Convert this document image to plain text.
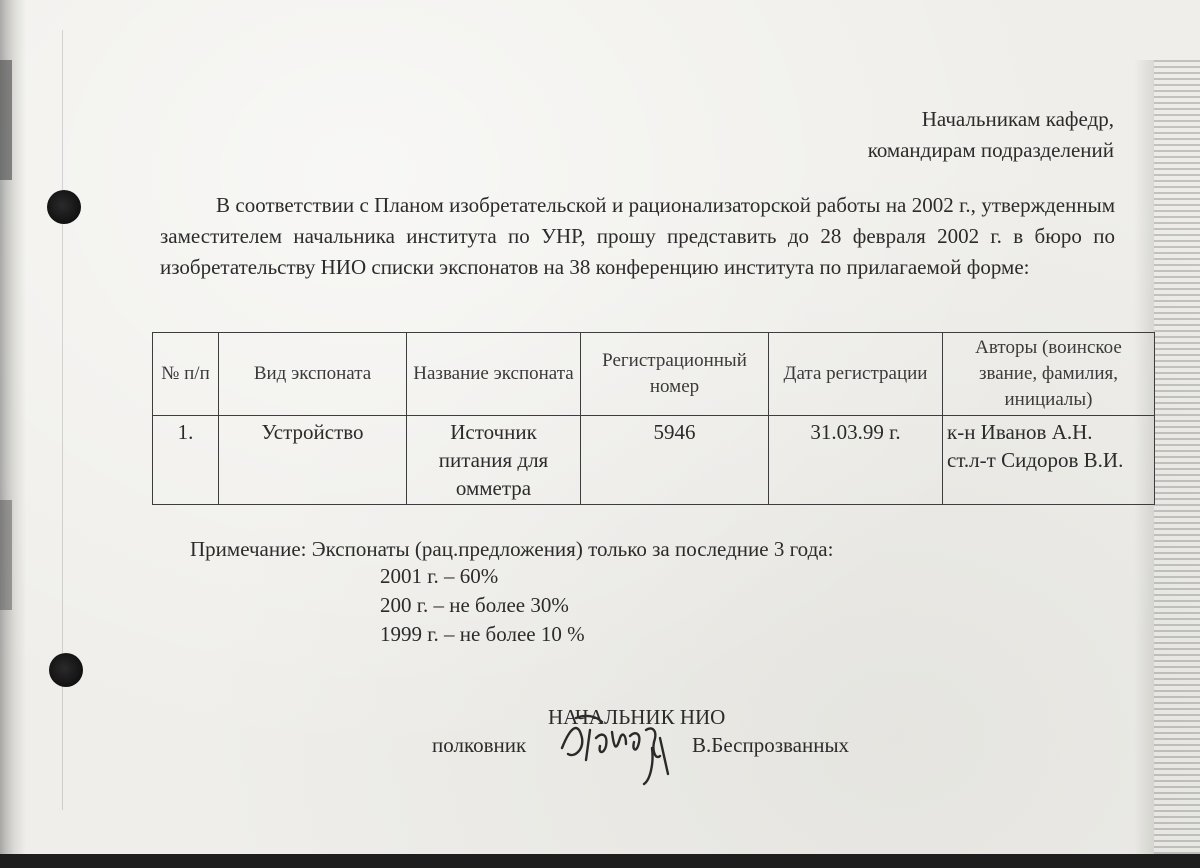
Начальникам кафедр,
командирам подразделений
В соответствии с Планом изобретательской и рационализаторской работы на 2002 г., утвержденным заместителем начальника института по УНР, прошу представить до 28 февраля 2002 г. в бюро по изобретательству НИО списки экспонатов на 38 конференцию института по прилагаемой форме:
№ п/п	Вид экспоната	Название экспоната	Регистрационный номер	Дата регистрации	Авторы (воинское звание, фамилия, инициалы)
1.	Устройство	Источник питания для омметра	5946	31.03.99 г.	к-н Иванов А.Н.
ст.л-т Сидоров В.И.
Примечание: Экспонаты (рац.предложения) только за последние 3 года:
2001 г. – 60%
200 г. – не более 30%
1999 г. – не более 10 %
НАЧАЛЬНИК НИО
полковник	В.Беспрозванных
